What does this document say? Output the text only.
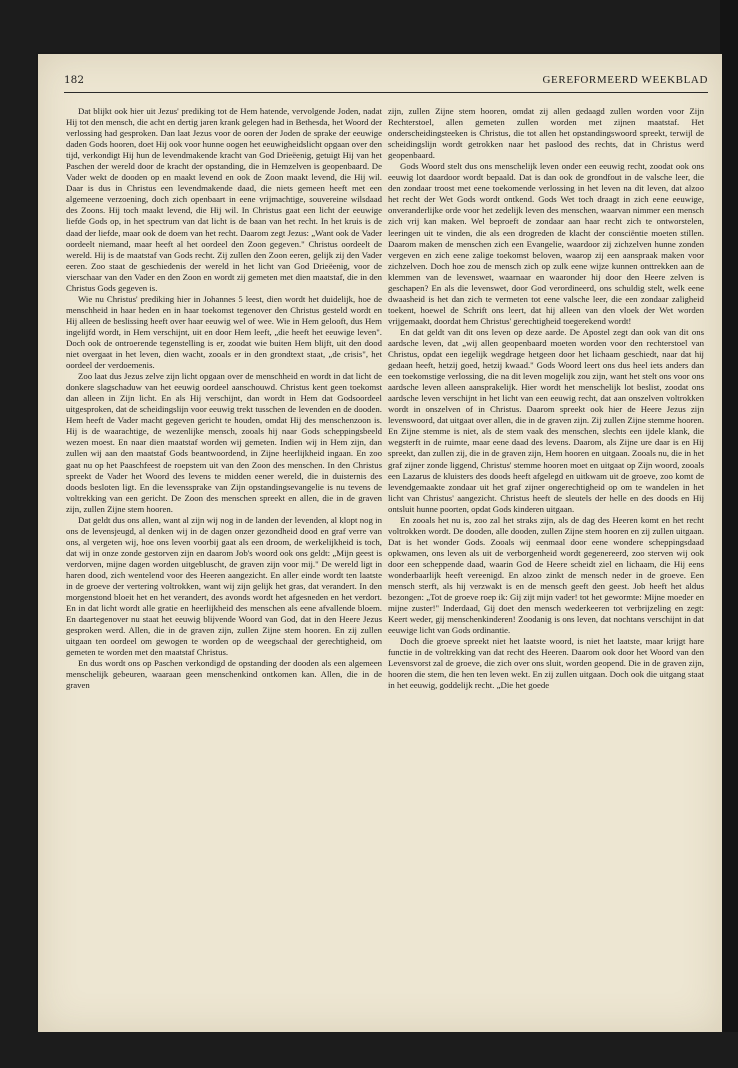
182	GEREFORMEERD WEEKBLAD

Dat blijkt ook hier uit Jezus' prediking tot de Hem hatende, vervolgende Joden, nadat Hij tot den mensch, die acht en dertig jaren krank gelegen had in Bethesda, het Woord der verlossing had gesproken. Dan laat Jezus voor de ooren der Joden de sprake der eeuwige daden Gods hooren, doet Hij ook voor hunne oogen het eeuwigheidslicht opgaan over den tijd, verkondigt Hij hun de levendmakende kracht van God Drieëenig, getuigt Hij van het Paschen der wereld door de kracht der opstanding, die in Hemzelven is geopenbaard. De Vader wekt de dooden op en maakt levend en ook de Zoon maakt levend, die Hij wil. Daar is dus in Christus een levendmakende daad, die niets gemeen heeft met een algemeene verzoening, doch zich openbaart in eene vrijmachtige, souvereine wilsdaad des Zoons. Hij toch maakt levend, die Hij wil. In Christus gaat een licht der eeuwige liefde Gods op, in het spectrum van dat licht is de baan van het recht. In het kruis is de daad der liefde, maar ook de doem van het recht. Daarom zegt Jezus: „Want ook de Vader oordeelt niemand, maar heeft al het oordeel den Zoon gegeven." Christus oordeelt de wereld. Hij is de maatstaf van Gods recht. Zij zullen den Zoon eeren, gelijk zij den Vader eeren. Zoo staat de geschiedenis der wereld in het licht van God Drieëenig, voor de vierschaar van den Vader en den Zoon en wordt zij gemeten met dien maatstaf, die in den Christus Gods gegeven is.

Wie nu Christus' prediking hier in Johannes 5 leest, dien wordt het duidelijk, hoe de menschheid in haar heden en in haar toekomst tegenover den Christus gesteld wordt en Hij alleen de beslissing heeft over haar eeuwig wel of wee. Wie in Hem gelooft, dus Hem ingelijfd wordt, in Hem verschijnt, uit en door Hem leeft, „die heeft het eeuwige leven". Doch ook de ontroerende tegenstelling is er, zoodat wie buiten Hem blijft, uit den dood niet overgaat in het leven, dien wacht, zooals er in den grondtext staat, „de crisis", het oordeel der verdoemenis.

Zoo laat dus Jezus zelve zijn licht opgaan over de menschheid en wordt in dat licht de donkere slagschaduw van het eeuwig oordeel aanschouwd. Christus kent geen toekomst dan alleen in Zijn licht. En als Hij verschijnt, dan wordt in Hem dat Godsoordeel uitgesproken, dat de scheidingslijn voor eeuwig trekt tusschen de levenden en de dooden. Hem heeft de Vader macht gegeven gericht te houden, omdat Hij des menschenzoon is. Hij is de waarachtige, de wezenlijke mensch, zooals hij naar Gods scheppingsbeeld wezen moest. En naar dien maatstaf worden wij gemeten. Indien wij in Hem zijn, dan zullen wij aan den maatstaf Gods beantwoordend, in Zijne heerlijkheid ingaan. En zoo gaat nu op het Paaschfeest de roepstem uit van den Zoon des menschen. In den Christus spreekt de Vader het Woord des levens te midden eener wereld, die in duisternis des doods besloten ligt. En die levenssprake van Zijn opstandingsevangelie is nu tevens de voltrekking van een gericht. De Zoon des menschen spreekt en allen, die in de graven zijn, zullen Zijne stem hooren.

Dat geldt dus ons allen, want al zijn wij nog in de landen der levenden, al klopt nog in ons de levensjeugd, al denken wij in de dagen onzer gezondheid dood en graf verre van ons, al vergeten wij, hoe ons leven voorbij gaat als een droom, de werkelijkheid is toch, dat wij in onze zonde gestorven zijn en daarom Job's woord ook ons geldt: „Mijn geest is verdorven, mijne dagen worden uitgebluscht, de graven zijn voor mij." De wereld ligt in haren dood, zich wentelend voor des Heeren aangezicht. En aller einde wordt ten laatste in de groeve der vertering voltrokken, want wij zijn gelijk het gras, dat verandert. In den morgenstond bloeit het en het verandert, des avonds wordt het afgesneden en het verdort. En in dat licht wordt alle gratie en heerlijkheid des menschen als eene afvallende bloem. En daartegenover nu staat het eeuwig blijvende Woord van God, dat in den Heere Jezus gesproken werd. Allen, die in de graven zijn, zullen Zijne stem hooren. En zij zullen uitgaan ten oordeel om gewogen te worden op de weegschaal der gerechtigheid, om gemeten te worden met den maatstaf Christus.

En dus wordt ons op Paschen verkondigd de opstanding der dooden als een algemeen menschelijk gebeuren, waaraan geen menschenkind ontkomen kan. Allen, die in de graven

zijn, zullen Zijne stem hooren, omdat zij allen gedaagd zullen worden voor Zijn Rechterstoel, allen gemeten zullen worden met zijnen maatstaf. Het onderscheidingsteeken is Christus, die tot allen het opstandingswoord spreekt, terwijl de scheidingslijn wordt getrokken naar het paslood des rechts, dat in Christus werd geopenbaard.

Gods Woord stelt dus ons menschelijk leven onder een eeuwig recht, zoodat ook ons eeuwig lot daardoor wordt bepaald. Dat is dan ook de grondfout in de valsche leer, die den zondaar troost met eene toekomende verlossing in het leven na dit leven, dat alzoo het recht der Wet Gods wordt ontkend. Gods Wet toch draagt in zich eene eeuwige, onveranderlijke orde voor het zedelijk leven des menschen, waarvan nimmer een mensch zich vrij kan maken. Wel beproeft de zondaar aan haar recht zich te ontworstelen, leeringen uit te vinden, die als een drogreden de klacht der consciëntie moeten stillen. Daarom maken de menschen zich een Evangelie, waardoor zij zichzelven hunne zonden vergeven en zich eene zalige toekomst beloven, waarop zij een aanspraak maken voor zichzelven. Doch hoe zou de mensch zich op zulk eene wijze kunnen onttrekken aan de klemmen van de levenswet, waarnaar en waaronder hij door den Heere zelven is geschapen? En als die levenswet, door God verordineerd, ons schuldig stelt, welk eene dwaasheid is het dan zich te vermeten tot eene valsche leer, die een zondaar zaligheid toekent, hoewel de Schrift ons leert, dat hij alleen van den vloek der Wet worden vrijgemaakt, doordat hem Christus' gerechtigheid toegerekend wordt!

En dat geldt van dit ons leven op deze aarde. De Apostel zegt dan ook van dit ons aardsche leven, dat „wij allen geopenbaard moeten worden voor den rechterstoel van Christus, opdat een iegelijk wegdrage hetgeen door het lichaam geschiedt, naar dat hij gedaan heeft, hetzij goed, hetzij kwaad." Gods Woord leert ons dus heel iets anders dan een toekomstige verlossing, die na dit leven mogelijk zou zijn, want het stelt ons voor ons aardsche leven alleen aansprakelijk. Hier wordt het menschelijk lot beslist, zoodat ons aardsche leven verschijnt in het licht van een eeuwig recht, dat aan onszelven voltrokken wordt in onszelven of in Christus. Daarom spreekt ook hier de Heere Jezus zijn levenswoord, dat uitgaat over allen, die in de graven zijn. Zij zullen Zijne stemme hooren. En Zijne stemme is niet, als de stem vaak des menschen, slechts een ijdele klank, die wegsterft in de ruimte, maar eene daad des levens. Daarom, als Zijne ure daar is en Hij spreekt, dan zullen zij, die in de graven zijn, Hem hooren en uitgaan. Zooals nu, die in het graf zijner zonde liggend, Christus' stemme hooren moet en uitgaat op Zijn woord, zooals een Lazarus de kluisters des doods heeft afgelegd en uitkwam uit de groeve, zoo komt de levendgemaakte zondaar uit het graf zijner ongerechtigheid op om te wandelen in het licht van Christus' aangezicht. Christus heeft de sleutels der helle en des doods en Hij ontsluit hunne poorten, opdat Gods kinderen uitgaan.

En zooals het nu is, zoo zal het straks zijn, als de dag des Heeren komt en het recht voltrokken wordt. De dooden, alle dooden, zullen Zijne stem hooren en zij zullen uitgaan. Dat is het wonder Gods. Zooals wij eenmaal door eene wondere scheppingsdaad opkwamen, ons leven als uit de verborgenheid wordt gegenereerd, zoo sterven wij ook door een scheppende daad, waarin God de Heere scheidt ziel en lichaam, die Hij eens wonderbaarlijk heeft vereenigd. En alzoo zinkt de mensch neder in de groeve. Een mensch sterft, als hij verzwakt is en de mensch geeft den geest. Job heeft het aldus bezongen: „Tot de groeve roep ik: Gij zijt mijn vader! tot het gewormte: Mijne moeder en mijne zuster!" Inderdaad, Gij doet den mensch wederkeeren tot verbrijzeling en zegt: Keert weder, gij menschenkinderen! Zoodanig is ons leven, dat nochtans verschijnt in dat eeuwige licht van Gods ordinantie.

Doch die groeve spreekt niet het laatste woord, is niet het laatste, maar krijgt hare functie in de voltrekking van dat recht des Heeren. Daarom ook door het Woord van den Levensvorst zal de groeve, die zich over ons sluit, worden geopend. Die in de graven zijn, hooren die stem, die hen ten leven wekt. En zij zullen uitgaan. Doch ook die uitgang staat in het eeuwig, goddelijk recht. „Die het goede
